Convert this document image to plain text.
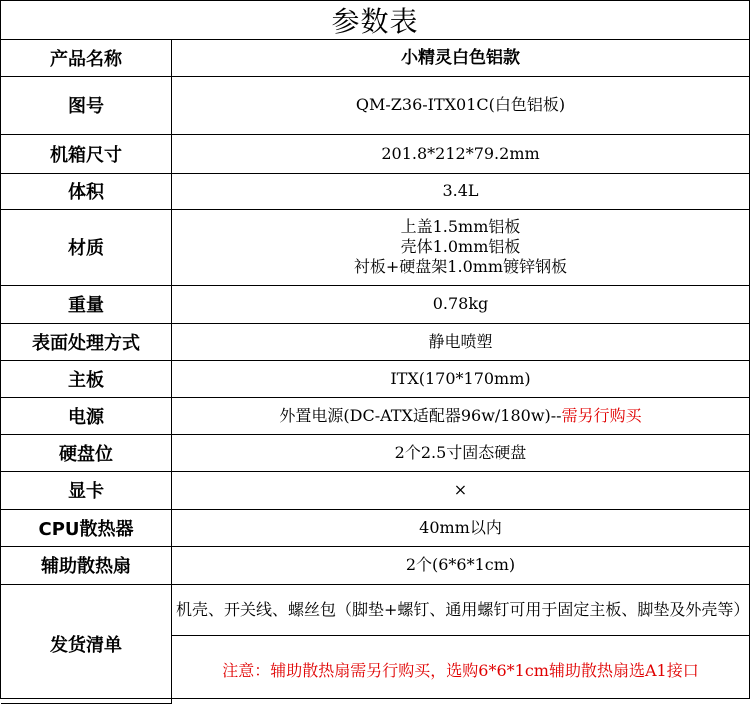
参数表
产品名称	小精灵白色铝款
图号	QM-Z36-ITX01C(白色铝板)
机箱尺寸	201.8*212*79.2mm
体积	3.4L
材质	上盖1.5mm铝板
壳体1.0mm铝板
衬板+硬盘架1.0mm镀锌钢板

重量	0.78kg
表面处理方式	静电喷塑
主板	ITX(170*170mm)
电源	外置电源(DC-ATX适配器96w/180w)--需另行购买
硬盘位	2个2.5寸固态硬盘
显卡	×
CPU散热器	40mm以内
辅助散热扇	2个(6*6*1cm)
发货清单	机壳、开关线、螺丝包（脚垫+螺钉、通用螺钉可用于固定主板、脚垫及外壳等）
	注意：辅助散热扇需另行购买，选购6*6*1cm辅助散热扇选A1接口
